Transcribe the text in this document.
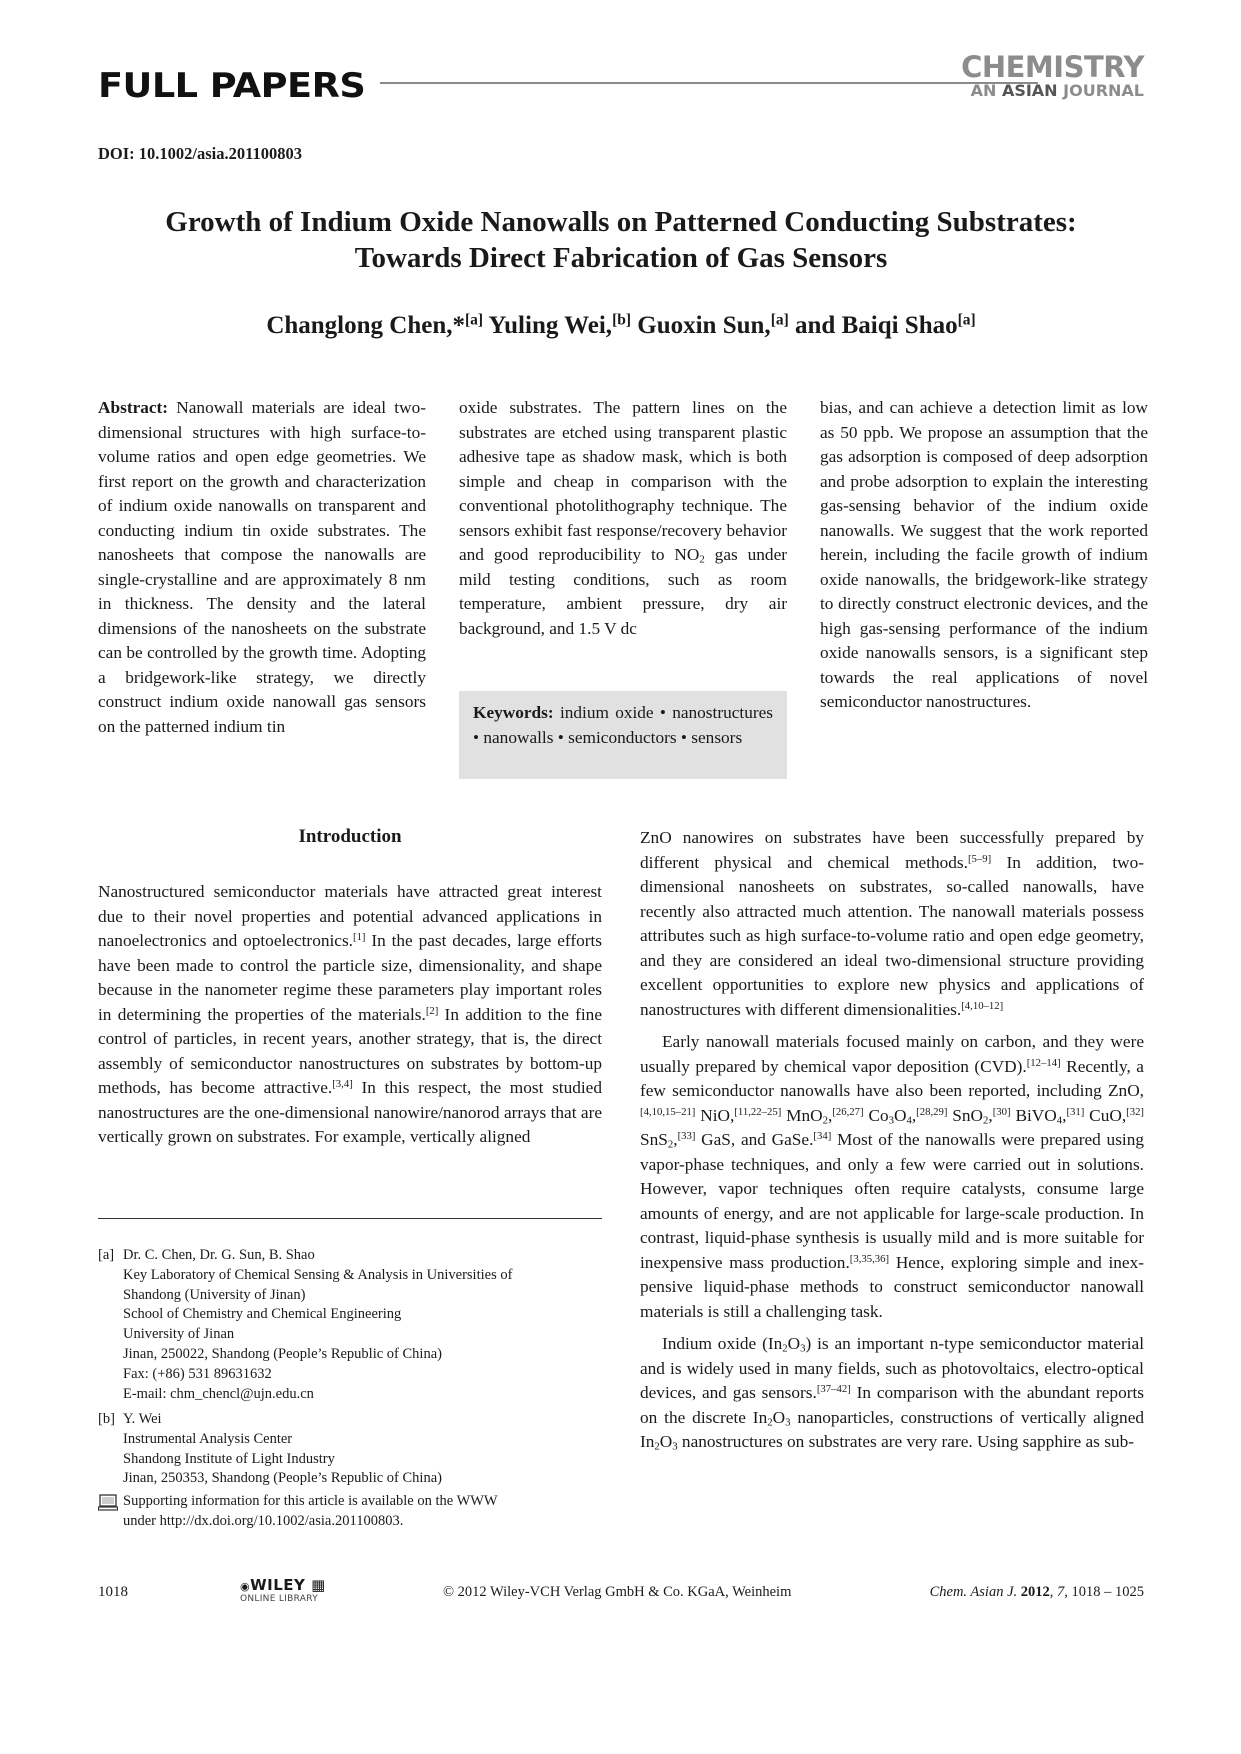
FULL PAPERS	CHEMISTRY
AN ASIAN JOURNAL
DOI: 10.1002/asia.201100803
Growth of Indium Oxide Nanowalls on Patterned Conducting Substrates:
Towards Direct Fabrication of Gas Sensors
Changlong Chen,*[a] Yuling Wei,[b] Guoxin Sun,[a] and Baiqi Shao[a]

Abstract: Nanowall materials are ideal two-dimensional structures with high surface-to-volume ratios and open edge geometries. We first report on the growth and characterization of indium oxide nanowalls on transparent and conducting indium tin oxide substrates. The nanosheets that compose the nanowalls are single-crystalline and are approximately 8 nm in thickness. The density and the lateral dimensions of the nanosheets on the substrate can be controlled by the growth time. Adopting a bridgework-like strategy, we directly construct indium oxide nanowall gas sensors on the patterned indium tin

oxide substrates. The pattern lines on the substrates are etched using transparent plastic adhesive tape as shadow mask, which is both simple and cheap in comparison with the conventional photolithography technique. The sensors exhibit fast response/recovery behavior and good reproducibility to $NO_2$ gas under mild testing conditions, such as room temperature, ambient pressure, dry air background, and 1.5 V dc

Keywords: indium oxide • nanostructures • nanowalls • semiconductors • sensors

bias, and can achieve a detection limit as low as 50 ppb. We propose an assumption that the gas adsorption is composed of deep adsorption and probe adsorption to explain the interesting gas-sensing behavior of the indium oxide nanowalls. We suggest that the work reported herein, including the facile growth of indium oxide nanowalls, the bridgework-like strategy to directly construct electronic devices, and the high gas-sensing performance of the indium oxide nanowalls sensors, is a significant step towards the real applications of novel semiconductor nanostructures.

Introduction

Nanostructured semiconductor materials have attracted great interest due to their novel properties and potential advanced applications in nanoelectronics and optoelectronics.[1] In the past decades, large efforts have been made to control the particle size, dimensionality, and shape because in the nanometer regime these parameters play important roles in determining the properties of the materials.[2] In addition to the fine control of particles, in recent years, another strategy, that is, the direct assembly of semiconductor nanostructures on substrates by bottom-up methods, has become attractive.[3,4] In this respect, the most studied nanostructures are the one-dimensional nanowire/nanorod arrays that are vertically grown on substrates. For example, vertically aligned

ZnO nanowires on substrates have been successfully prepared by different physical and chemical methods.[5–9] In addition, two-dimensional nanosheets on substrates, so-called nanowalls, have recently also attracted much attention. The nanowall materials possess attributes such as high surface-to-volume ratio and open edge geometry, and they are considered an ideal two-dimensional structure providing excellent opportunities to explore new physics and applications of nanostructures with different dimensionalities.[4,10–12]

Early nanowall materials focused mainly on carbon, and they were usually prepared by chemical vapor deposition (CVD).[12–14] Recently, a few semiconductor nanowalls have also been reported, including ZnO,[4,10,15–21] NiO,[11,22–25] MnO$_2$,[26,27] $Co_3O_4,[28,29]$ SnO$_2$,[30] BiVO$_4$,[31] CuO,[32] SnS$_2$,[33] GaS, and GaSe.[34] Most of the nanowalls were prepared using vapor-phase techniques, and only a few were carried out in solutions. However, vapor techniques often require catalysts, consume large amounts of energy, and are not applicable for large-scale production. In contrast, liquid-phase synthesis is usually mild and is more suitable for inexpensive mass production.[3,35,36] Hence, exploring simple and inexpensive liquid-phase methods to construct semiconductor nanowall materials is still a challenging task.

Indium oxide $(In_2O_3)$ is an important n-type semiconductor material and is widely used in many fields, such as photovoltaics, electro-optical devices, and gas sensors.[37–42] In comparison with the abundant reports on the discrete $In_2O_3$ nanoparticles, constructions of vertically aligned $In_2O_3$ nanostructures on substrates are very rare. Using sapphire as sub-

[a] Dr. C. Chen, Dr. G. Sun, B. Shao
Key Laboratory of Chemical Sensing & Analysis in Universities of
Shandong (University of Jinan)
School of Chemistry and Chemical Engineering
University of Jinan
Jinan, 250022, Shandong (People’s Republic of China)
Fax: (+86) 531 89631632
E-mail: chm_chencl@ujn.edu.cn
[b] Y. Wei
Instrumental Analysis Center
Shandong Institute of Light Industry
Jinan, 250353, Shandong (People’s Republic of China)
Supporting information for this article is available on the WWW
under http://dx.doi.org/10.1002/asia.201100803.
1018	◉WILEY ▦
ONLINE LIBRARY	© 2012 Wiley-VCH Verlag GmbH & Co. KGaA, Weinheim	Chem. Asian J. 2012, 7, 1018 – 1025
